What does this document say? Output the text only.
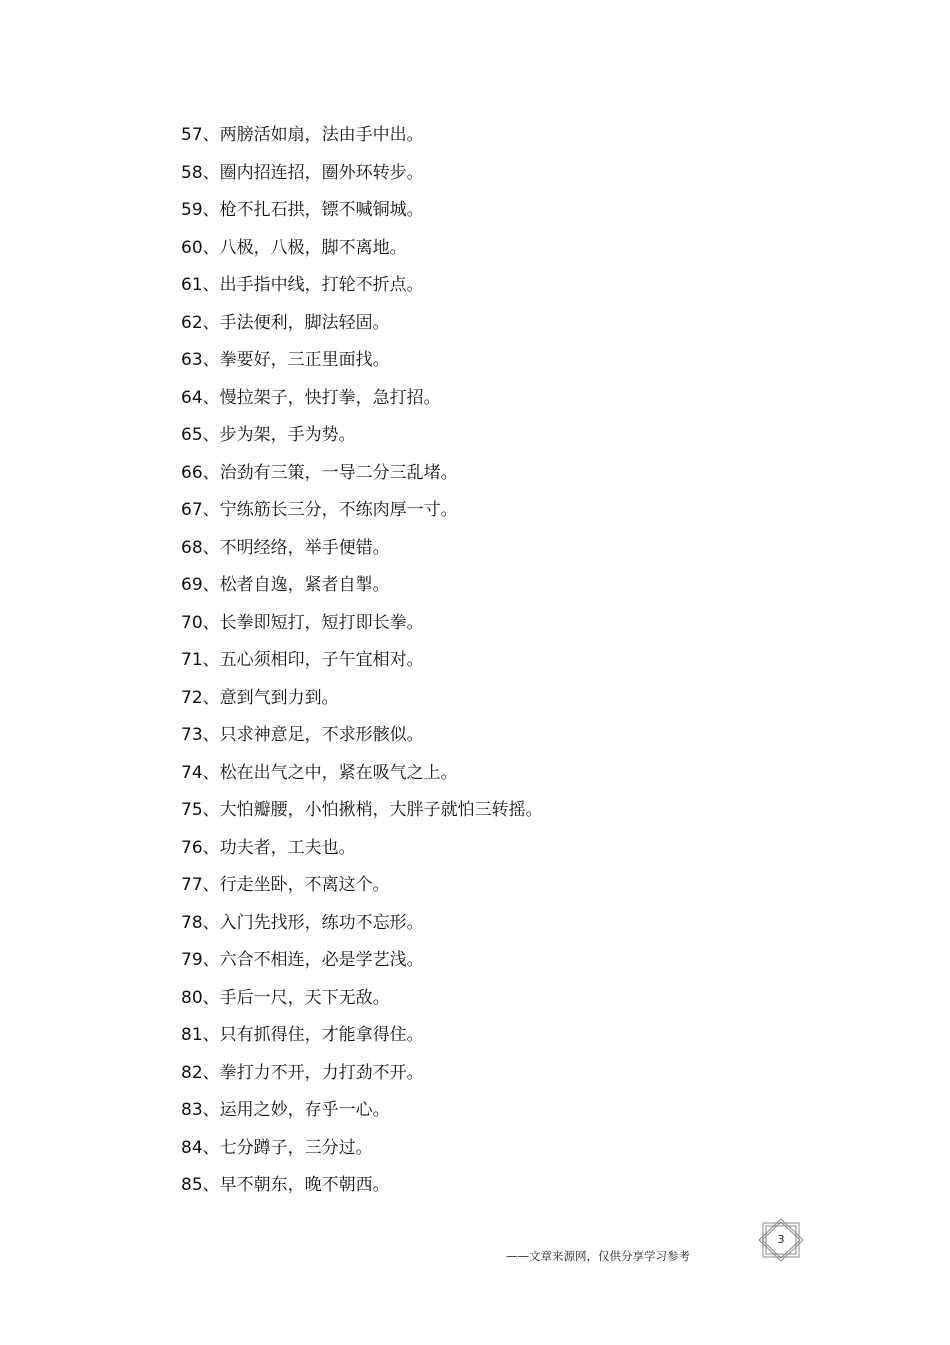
57、两膀活如扇，法由手中出。
58、圈内招连招，圈外环转步。
59、枪不扎石拱，镖不喊铜城。
60、八极，八极，脚不离地。
61、出手指中线，打轮不折点。
62、手法便利，脚法轻固。
63、拳要好，三正里面找。
64、慢拉架子，快打拳，急打招。
65、步为架，手为势。
66、治劲有三策，一导二分三乱堵。
67、宁练筋长三分，不练肉厚一寸。
68、不明经络，举手便错。
69、松者自逸，紧者自掣。
70、长拳即短打，短打即长拳。
71、五心须相印，子午宜相对。
72、意到气到力到。
73、只求神意足，不求形骸似。
74、松在出气之中，紧在吸气之上。
75、大怕瓣腰，小怕揪梢，大胖子就怕三转摇。
76、功夫者，工夫也。
77、行走坐卧，不离这个。
78、入门先找形，练功不忘形。
79、六合不相连，必是学艺浅。
80、手后一尺，天下无敌。
81、只有抓得住，才能拿得住。
82、拳打力不开，力打劲不开。
83、运用之妙，存乎一心。
84、七分蹲子，三分过。
85、早不朝东，晚不朝西。
——文章来源网，仅供分享学习参考
3
